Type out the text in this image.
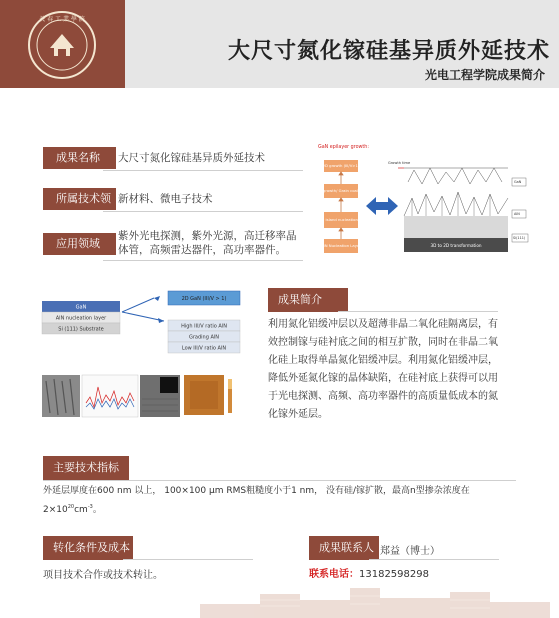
長 春 工 業 學 院
大尺寸氮化镓硅基异质外延技术
光电工程学院成果简介
成果名称	大尺寸氮化镓硅基异质外延技术
所属技术领域
新材料、微电子技术
应用领域
紫外光电探测，紫外光源，高迁移率晶体管，高频雷达器件，高功率器件。
GaN epilayer growth:
2D growth (III/V>1)
Lateral growth/ Grain coalescence
GaN - 3D island nucleation (III/V<1)
AlN Nucleation Layer	3D to 2D transformation
Growth time
GaN
AlN
Si(111)
GaN
AlN nucleation layer
Si (111) Substrate
2D GaN (III/V > 1)
High III/V ratio AlN
Grading AlN
Low III/V ratio AlN
成果简介
利用氮化铝缓冲层以及超薄非晶二氧化硅隔离层，有效控制镓与硅衬底之间的相互扩散，同时在非晶二氧化硅上取得单晶氮化铝缓冲层。利用氮化铝缓冲层，降低外延氮化镓的晶体缺陷，在硅衬底上获得可以用于光电探测、高频、高功率器件的高质量低成本的氮化镓外延层。
主要技术指标
外延层厚度在600 nm 以上， 100×100 μm RMS粗糙度小于1 nm， 没有硅/镓扩散，最高n型掺杂浓度在
$2\times 10^{20}cm^{-3}$。
转化条件及成本
项目技术合作或技术转让。
成果联系人 郑益（博士）
联系电话：13182598298
